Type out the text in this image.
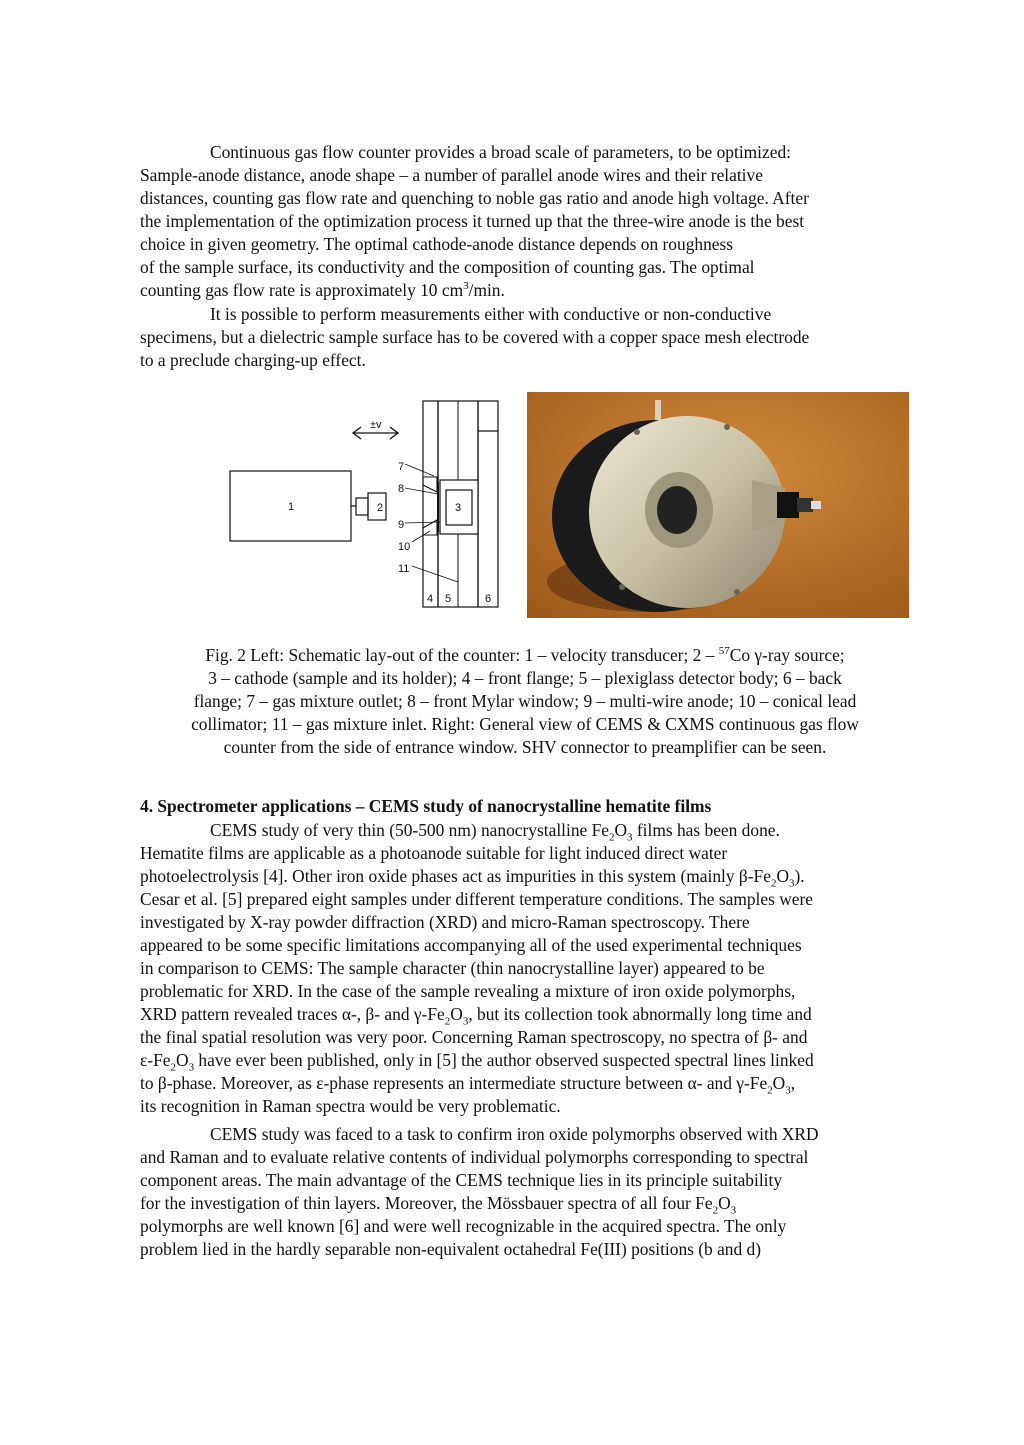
Continuous gas flow counter provides a broad scale of parameters, to be optimized:
Sample-anode distance, anode shape – a number of parallel anode wires and their relative
distances, counting gas flow rate and quenching to noble gas ratio and anode high voltage. After
the implementation of the optimization process it turned up that the three-wire anode is the best
choice in given geometry. The optimal cathode-anode distance depends on roughness
of the sample surface, its conductivity and the composition of counting gas. The optimal
counting gas flow rate is approximately 10 $cm^3/\min$.
It is possible to perform measurements either with conductive or non-conductive
specimens, but a dielectric sample surface has to be covered with a copper space mesh electrode
to a preclude charging-up effect.
±v
1	2	3
7
8
9
10
11
4 5	6
Fig. 2 Left: Schematic lay-out of the counter: 1 – velocity transducer; 2 – $^{57}$Co γ-ray source;
3 – cathode (sample and its holder); 4 – front flange; 5 – plexiglass detector body; 6 – back
flange; 7 – gas mixture outlet; 8 – front Mylar window; 9 – multi-wire anode; 10 – conical lead
collimator; 11 – gas mixture inlet. Right: General view of CEMS & CXMS continuous gas flow
counter from the side of entrance window. SHV connector to preamplifier can be seen.
4. Spectrometer applications – CEMS study of nanocrystalline hematite films
CEMS study of very thin (50-500 nm) nanocrystalline $Fe_2O_3$ films has been done.
Hematite films are applicable as a photoanode suitable for light induced direct water
photoelectrolysis [4]. Other iron oxide phases act as impurities in this system (mainly $\beta-Fe_2O_3$).
Cesar et al. [5] prepared eight samples under different temperature conditions. The samples were
investigated by X-ray powder diffraction (XRD) and micro-Raman spectroscopy. There
appeared to be some specific limitations accompanying all of the used experimental techniques
in comparison to CEMS: The sample character (thin nanocrystalline layer) appeared to be
problematic for XRD. In the case of the sample revealing a mixture of iron oxide polymorphs,
XRD pattern revealed traces α-, β- and $\gamma-Fe_2O_3$, but its collection took abnormally long time and
the final spatial resolution was very poor. Concerning Raman spectroscopy, no spectra of β- and
$\varepsilon-Fe_2O_3$ have ever been published, only in [5] the author observed suspected spectral lines linked
to β-phase. Moreover, as ε-phase represents an intermediate structure between α- and $\gamma-Fe_2O_3$,
its recognition in Raman spectra would be very problematic.
CEMS study was faced to a task to confirm iron oxide polymorphs observed with XRD
and Raman and to evaluate relative contents of individual polymorphs corresponding to spectral
component areas. The main advantage of the CEMS technique lies in its principle suitability
for the investigation of thin layers. Moreover, the Mössbauer spectra of all four $Fe_2O_3$
polymorphs are well known [6] and were well recognizable in the acquired spectra. The only
problem lied in the hardly separable non-equivalent octahedral Fe(III) positions (b and d)
